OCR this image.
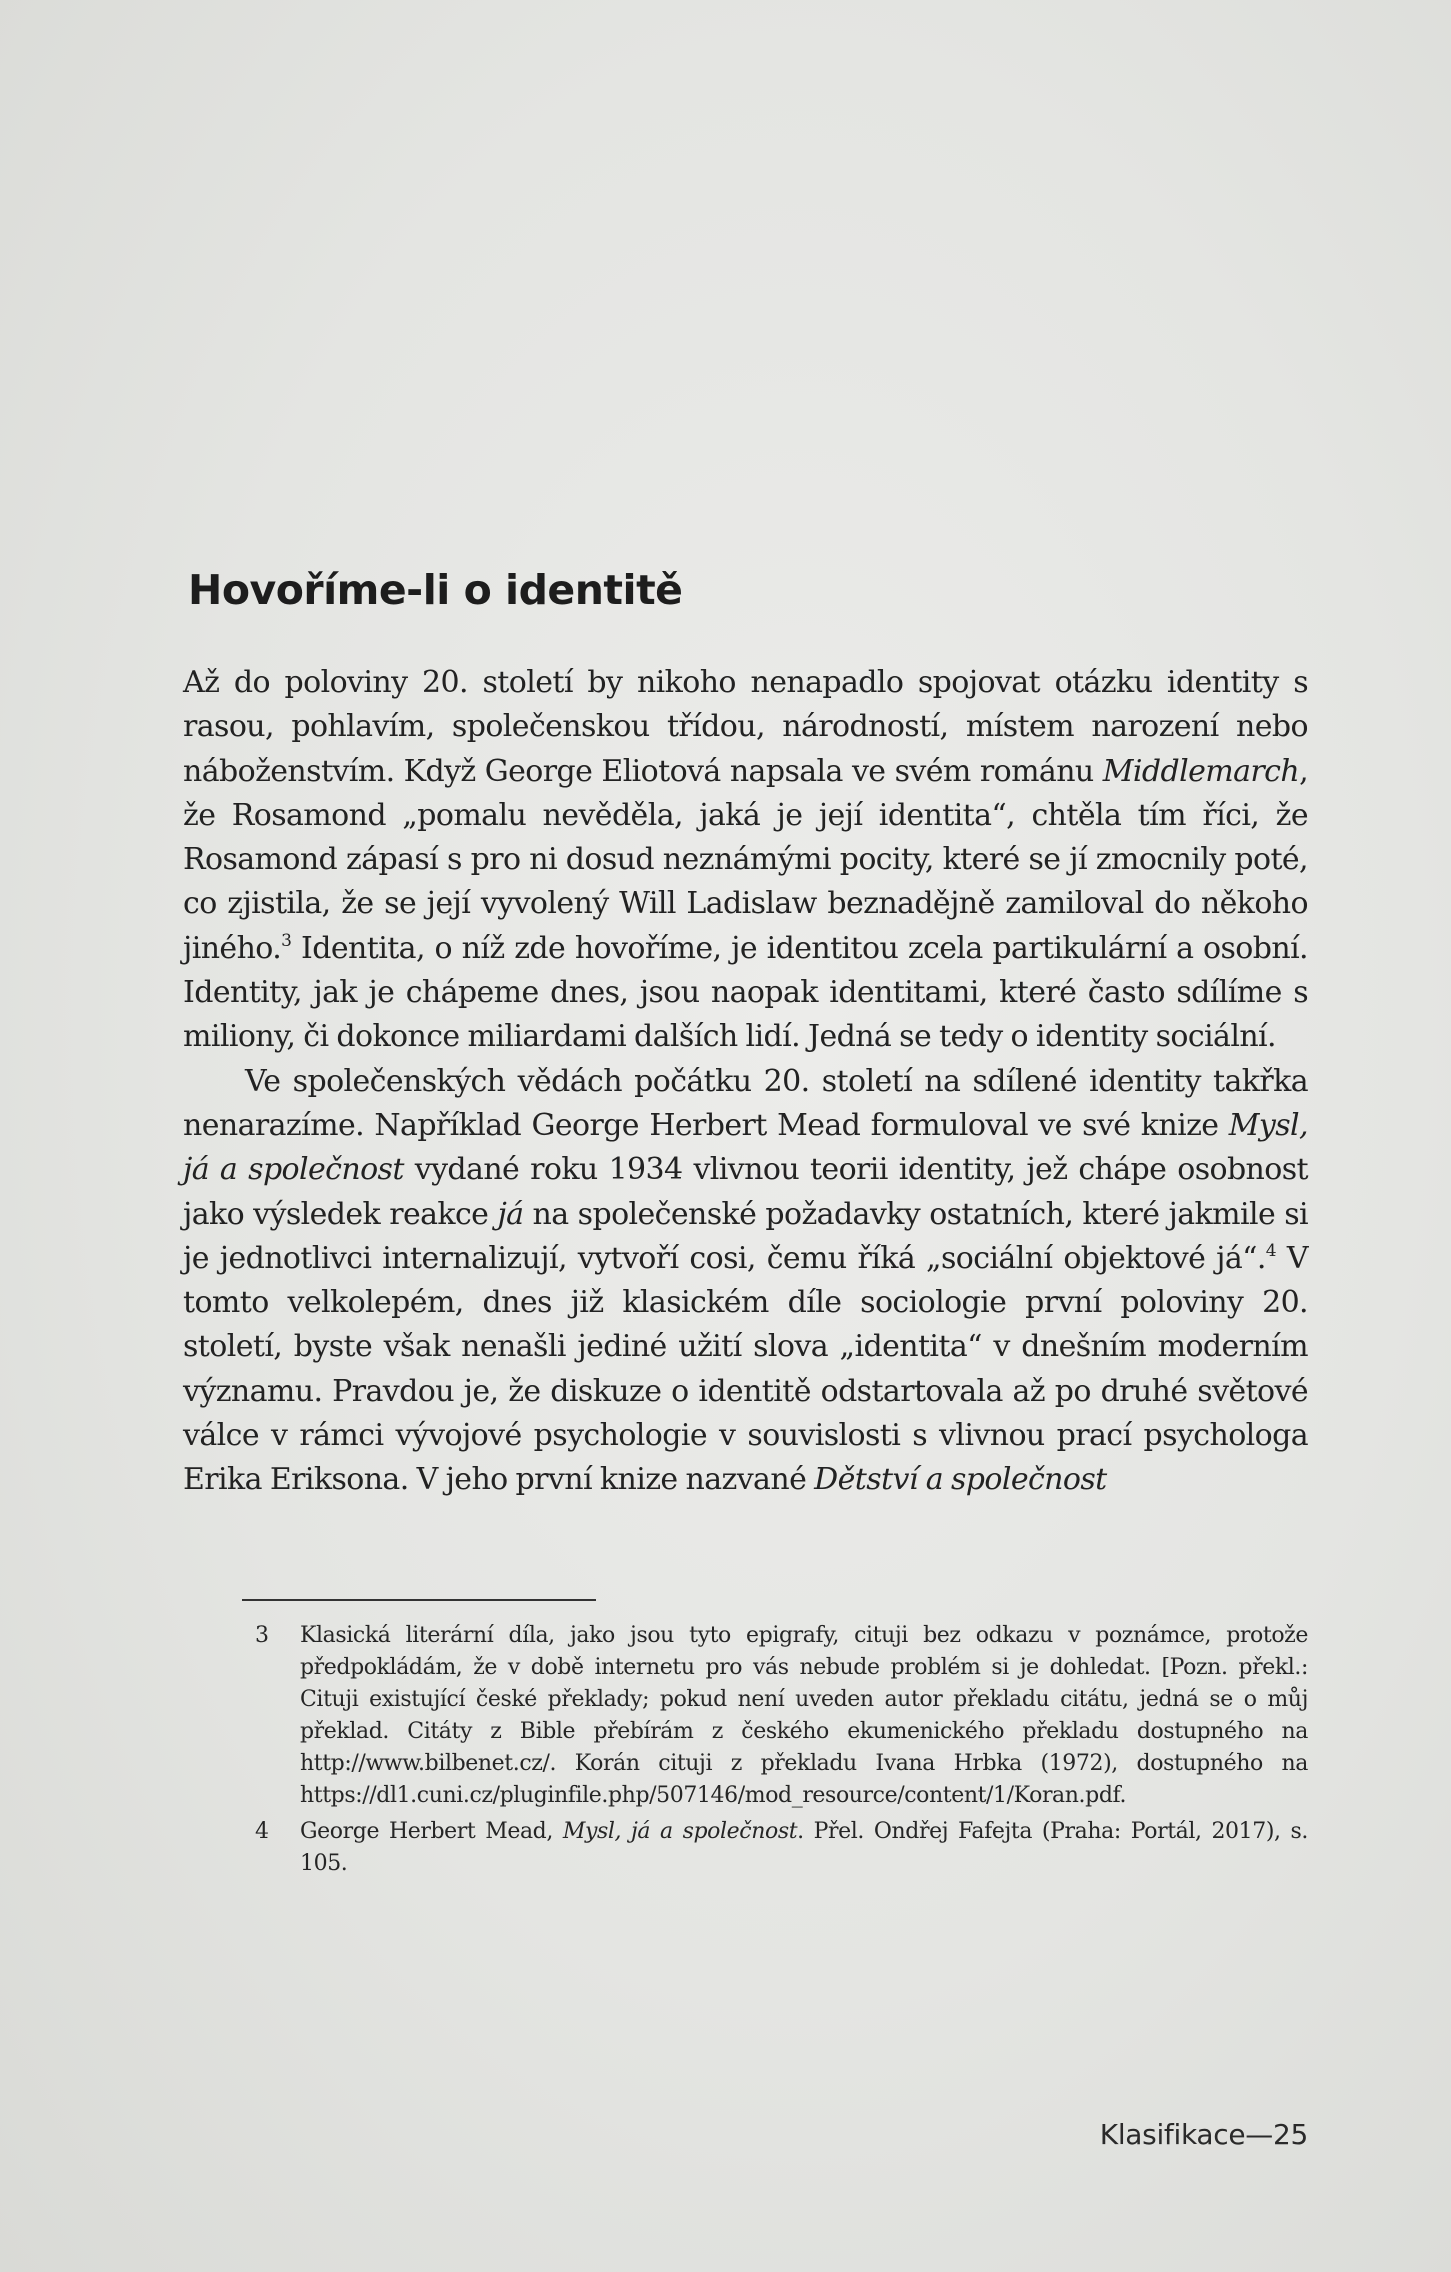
Hovoříme-li o identitě

Až do poloviny 20. století by nikoho nenapadlo spojovat otázku identity s rasou, pohlavím, společenskou třídou, národností, místem narození nebo náboženstvím. Když George Eliotová napsala ve svém románu Middlemarch, že Rosamond „pomalu nevěděla, jaká je její identita“, chtěla tím říci, že Rosamond zápasí s pro ni dosud neznámými pocity, které se jí zmocnily poté, co zjistila, že se její vyvolený Will Ladislaw beznadějně zamiloval do někoho jiného.$^3$ Identita, o níž zde hovoříme, je identitou zcela partikulární a osobní. Identity, jak je chápeme dnes, jsou naopak identitami, které často sdílíme s miliony, či dokonce miliardami dalších lidí. Jedná se tedy o identity sociální.

Ve společenských vědách počátku 20. století na sdílené identity takřka nenarazíme. Například George Herbert Mead formuloval ve své knize Mysl, já a společnost vydané roku 1934 vlivnou teorii identity, jež chápe osobnost jako výsledek reakce já na společenské požadavky ostatních, které jakmile si je jednotlivci internalizují, vytvoří cosi, čemu říká „sociální objektové já“.$^4$ V tomto velkolepém, dnes již klasickém díle sociologie první poloviny 20. století, byste však nenašli jediné užití slova „identita“ v dnešním moderním významu. Pravdou je, že diskuze o identitě odstartovala až po druhé světové válce v rámci vývojové psychologie v souvislosti s vlivnou prací psychologa Erika Eriksona. V jeho první knize nazvané Dětství a společnost

3 Klasická literární díla, jako jsou tyto epigrafy, cituji bez odkazu v poznámce, protože předpokládám, že v době internetu pro vás nebude problém si je dohledat. [Pozn. překl.: Cituji existující české překlady; pokud není uveden autor překladu citátu, jedná se o můj překlad. Citáty z Bible přebírám z českého ekumenického překladu dostupného na http://www.bilbenet.cz/. Korán cituji z překladu Ivana Hrbka (1972), dostupného na https://dl1.cuni.cz/pluginfile.php/507146/mod_resource/content/1/Koran.pdf.
4 George Herbert Mead, Mysl, já a společnost. Přel. Ondřej Fafejta (Praha: Portál, 2017), s. 105.
Klasifikace—25
